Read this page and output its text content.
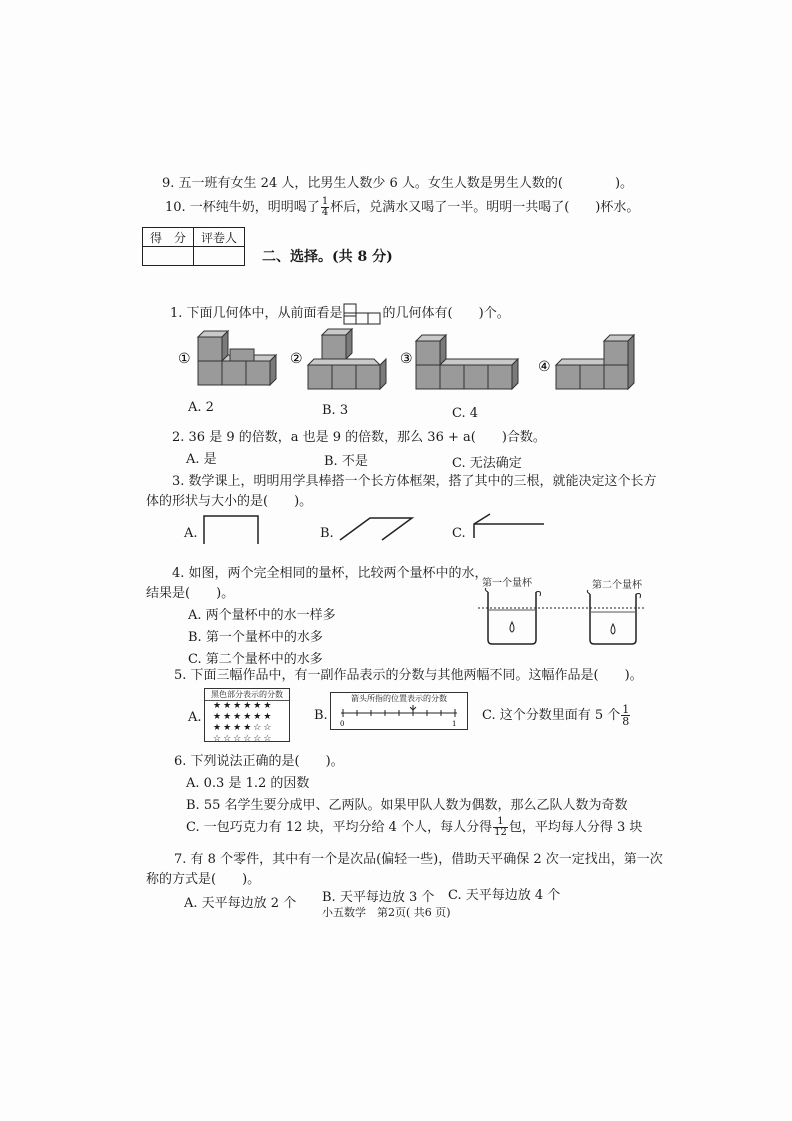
9. 五一班有女生 24 人，比男生人数少 6 人。女生人数是男生人数的(　　　　)。
10. 一杯纯牛奶，明明喝了 $\frac{1}{4}$ 杯后，兑满水又喝了一半。明明一共喝了(　　)杯水。
得　分	评卷人

二、选择。(共 8 分)
1. 下面几何体中，从前面看是	的几何体有(　　)个。
①	②	③	④
A. 2	B. 3	C. 4
2. 36 是 9 的倍数，a 也是 9 的倍数，那么 36 + a(　　)合数。
A. 是	B. 不是	C. 无法确定
3. 数学课上，明明用学具棒搭一个长方体框架，搭了其中的三根，就能决定这个长方
体的形状与大小的是(　　)。
A.	B.	C.
4. 如图，两个完全相同的量杯，比较两个量杯中的水，
结果是(　　)。
A. 两个量杯中的水一样多
B. 第一个量杯中的水多
C. 第二个量杯中的水多
第一个量杯	第二个量杯
5. 下面三幅作品中，有一副作品表示的分数与其他两幅不同。这幅作品是(　　)。
A.
黑色部分表示的分数
★★★★★★
★★★★★★
★★★★☆☆
☆☆☆☆☆☆
B.
箭头所指的位置表示的分数
0	1
C. 这个分数里面有 5 个 $\frac{1}{8}$
6. 下列说法正确的是(　　)。
A. 0.3 是 1.2 的因数
B. 55 名学生要分成甲、乙两队。如果甲队人数为偶数，那么乙队人数为奇数
C. 一包巧克力有 12 块，平均分给 4 个人，每人分得 $\frac{1}{12}$ 包，平均每人分得 3 块
7. 有 8 个零件，其中有一个是次品(偏轻一些)，借助天平确保 2 次一定找出，第一次
称的方式是(　　)。
A. 天平每边放 2 个 B. 天平每边放 3 个 C. 天平每边放 4 个
小五数学　第2页( 共6 页)
